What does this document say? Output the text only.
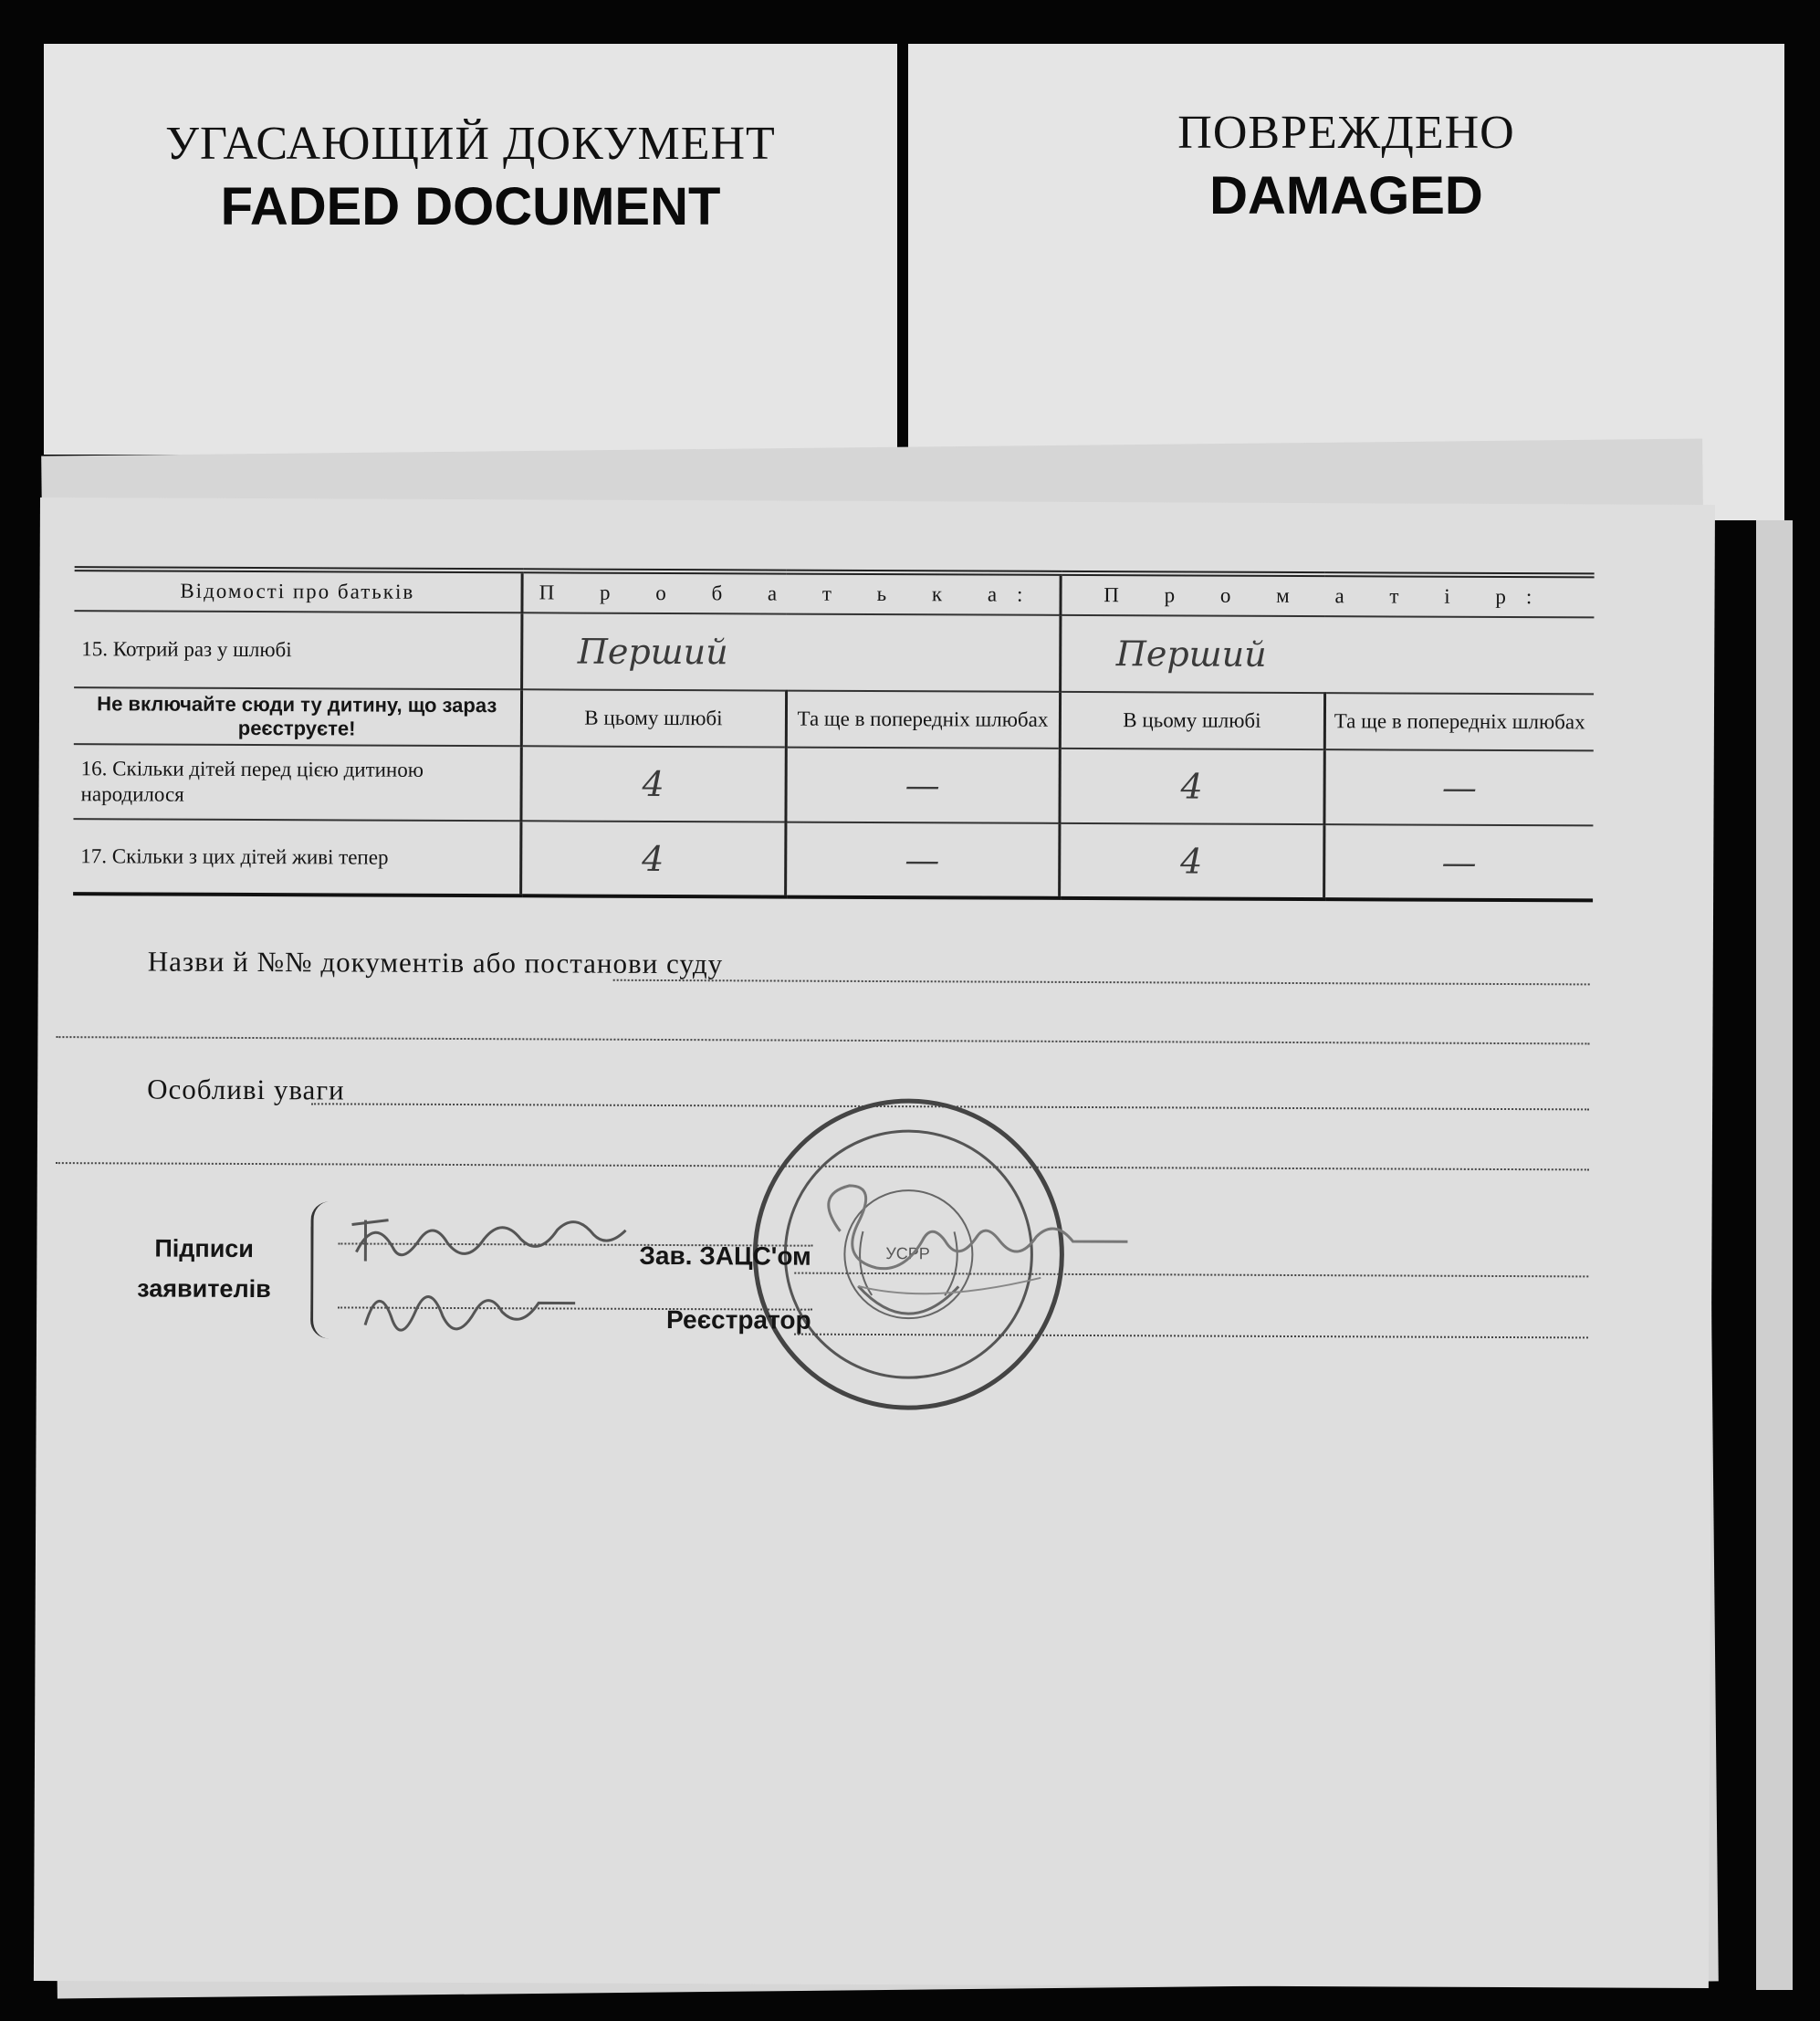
УГАСАЮЩИЙ ДОКУМЕНТ
FADED DOCUMENT
ПОВРЕЖДЕНО
DAMAGED
Відомості про батьків	П р о б а т ь к а:		П р о м а т і р:	
15. Котрий раз у шлюбі	Перший		Перший	
Не включайте сюди ту дитину, що зараз реєструєте!	В цьому шлюбі	Та ще в попередніх шлюбах	В цьому шлюбі	Та ще в попередніх шлюбах
16. Скільки дітей перед цією дитиною народилося	4	—	4	—
17. Скільки з цих дітей живі тепер	4	—	4	—
Назви й №№ документів або постанови суду
Особливі уваги
Підписи
заявителів
УСРР
Зав. ЗАЦС'ом
Реєстратор
